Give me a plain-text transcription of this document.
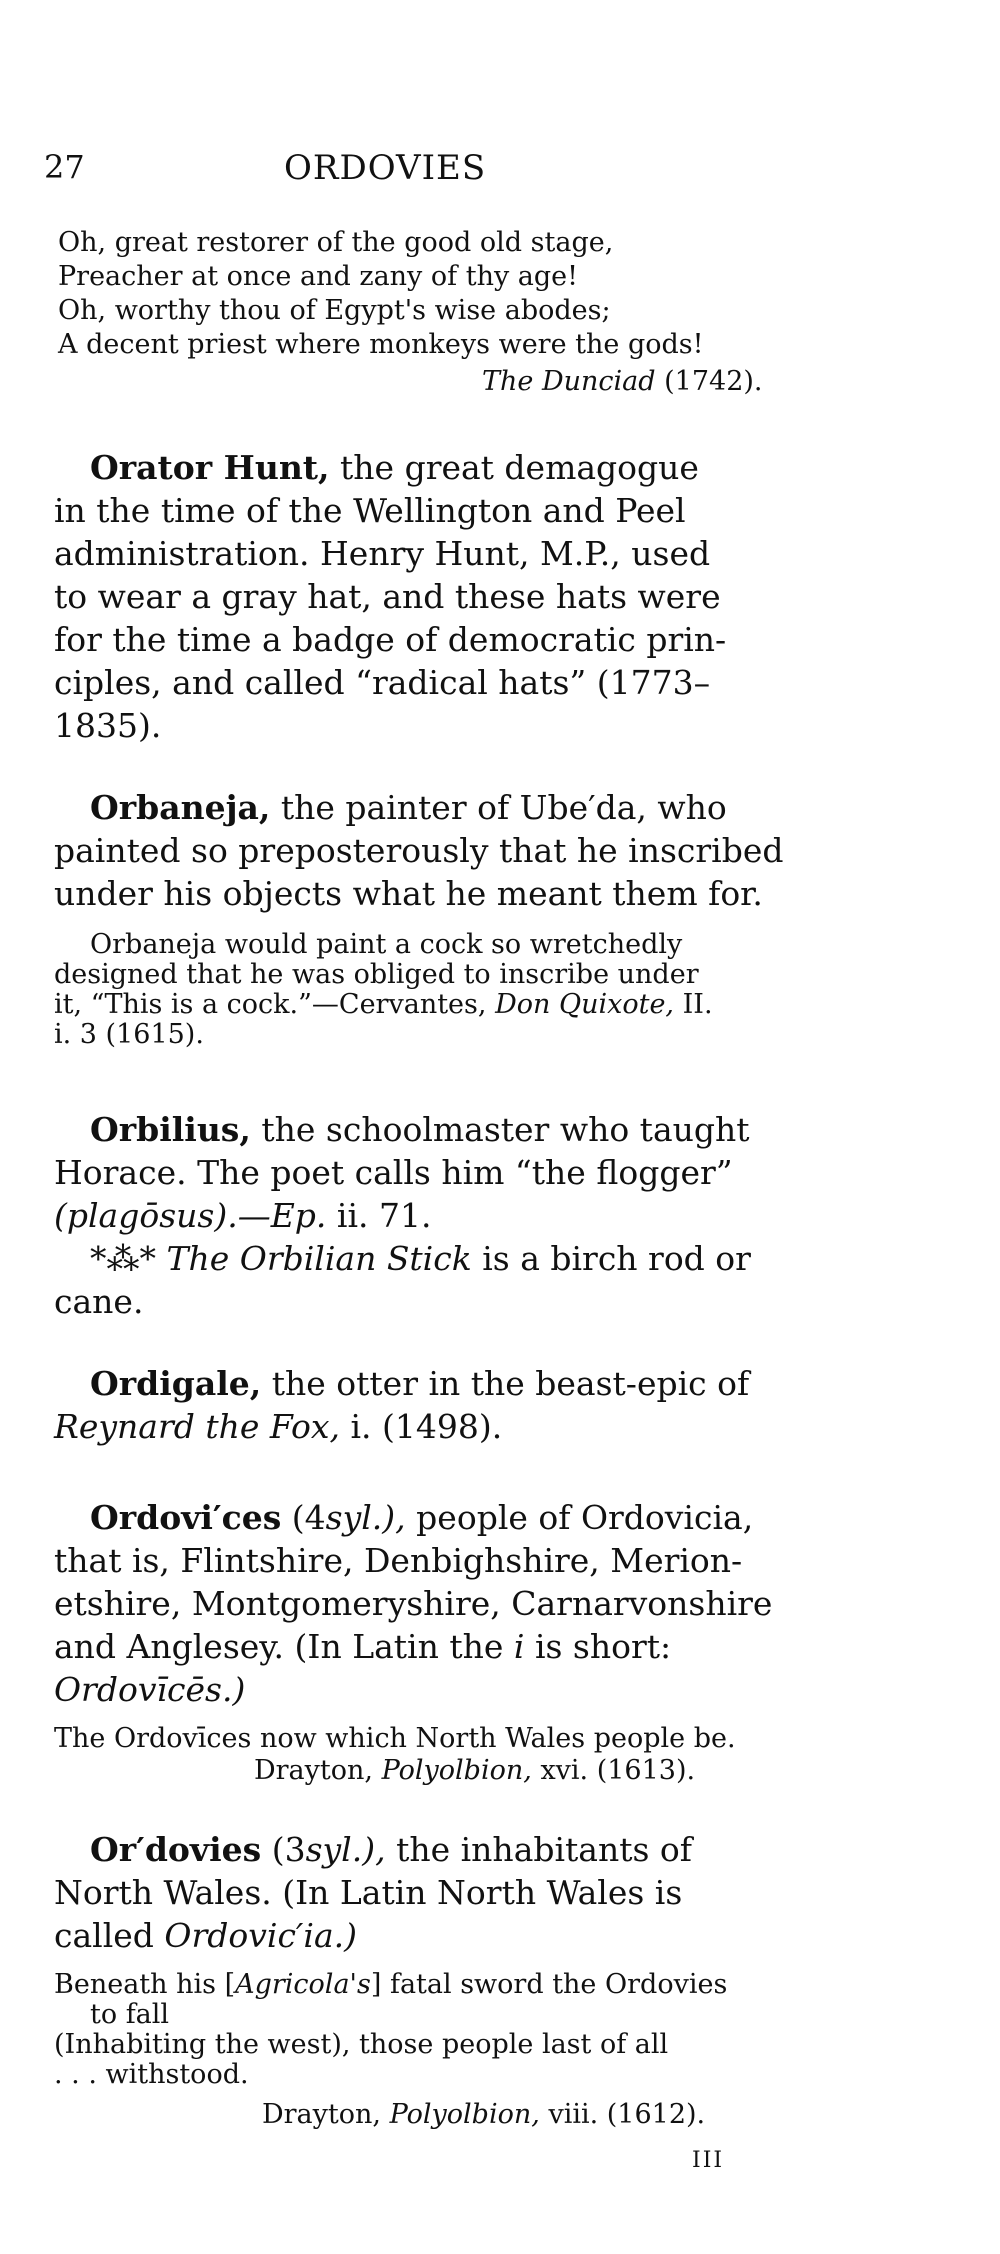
27	ORDOVIES
Oh, great restorer of the good old stage,
Preacher at once and zany of thy age!
Oh, worthy thou of Egypt's wise abodes;
A decent priest where monkeys were the gods!
The Dunciad (1742).
Orator Hunt, the great demagogue
in the time of the Wellington and Peel
administration. Henry Hunt, M.P., used
to wear a gray hat, and these hats were
for the time a badge of democratic prin-
ciples, and called “radical hats” (1773–
1835).
Orbaneja, the painter of Ube′da, who
painted so preposterously that he inscribed
under his objects what he meant them for.
Orbaneja would paint a cock so wretchedly
designed that he was obliged to inscribe under
it, “This is a cock.”—Cervantes, Don Quixote, II.
i. 3 (1615).
Orbilius, the schoolmaster who taught
Horace. The poet calls him “the flogger”
(plagōsus).—Ep. ii. 71.
*⁂* The Orbilian Stick is a birch rod or
cane.
Ordigale, the otter in the beast-epic of
Reynard the Fox, i. (1498).
Ordovi′ces (4syl.), people of Ordovicia,
that is, Flintshire, Denbighshire, Merion-
etshire, Montgomeryshire, Carnarvonshire
and Anglesey. (In Latin the i is short:
Ordovīcēs.)
The Ordovīces now which North Wales people be.
Drayton, Polyolbion, xvi. (1613).
Or′dovies (3syl.), the inhabitants of
North Wales. (In Latin North Wales is
called Ordovic′ia.)
Beneath his [Agricola's] fatal sword the Ordovies
to fall
(Inhabiting the west), those people last of all
. . . withstood.
Drayton, Polyolbion, viii. (1612).
III
